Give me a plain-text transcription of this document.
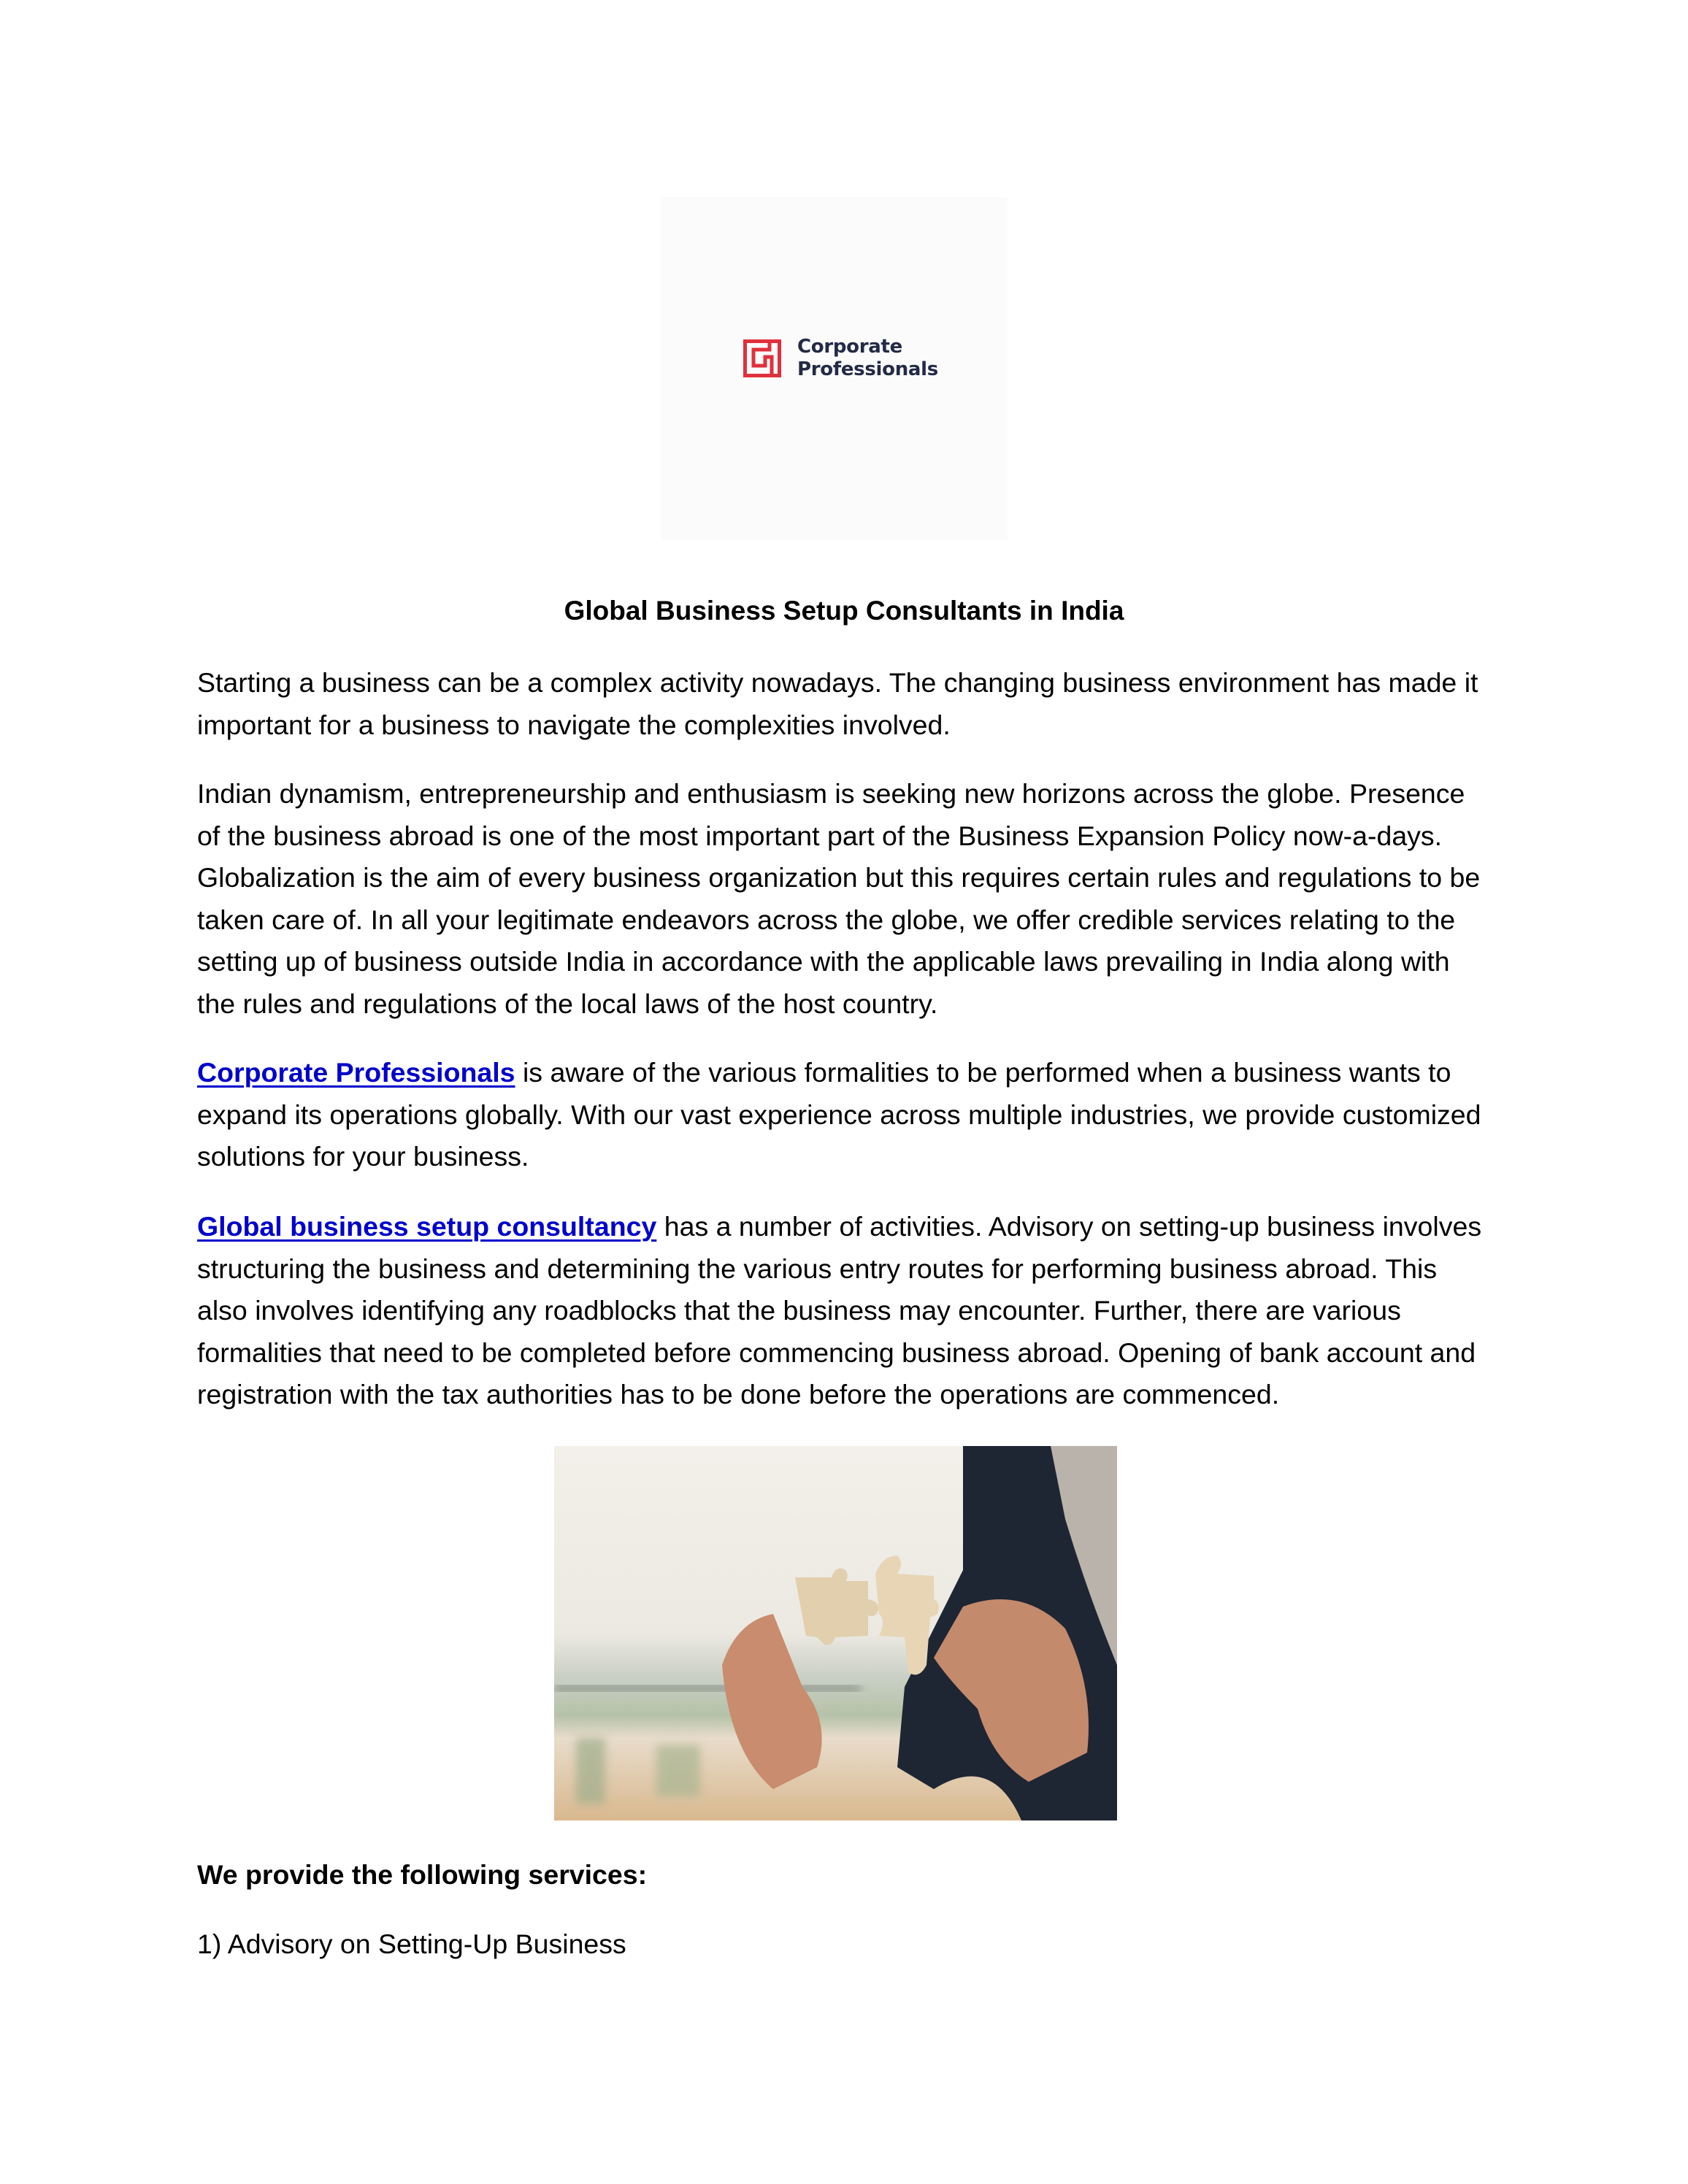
Corporate
Professionals
Global Business Setup Consultants in India

Starting a business can be a complex activity nowadays. The changing business environment has made it important for a business to navigate the complexities involved.

Indian dynamism, entrepreneurship and enthusiasm is seeking new horizons across the globe. Presence of the business abroad is one of the most important part of the Business Expansion Policy now-a-days. Globalization is the aim of every business organization but this requires certain rules and regulations to be taken care of. In all your legitimate endeavors across the globe, we offer credible services relating to the setting up of business outside India in accordance with the applicable laws prevailing in India along with the rules and regulations of the local laws of the host country.

Corporate Professionals is aware of the various formalities to be performed when a business wants to expand its operations globally. With our vast experience across multiple industries, we provide customized solutions for your business.

Global business setup consultancy has a number of activities. Advisory on setting-up business involves structuring the business and determining the various entry routes for performing business abroad. This also involves identifying any roadblocks that the business may encounter. Further, there are various formalities that need to be completed before commencing business abroad. Opening of bank account and registration with the tax authorities has to be done before the operations are commenced.

We provide the following services:
1) Advisory on Setting-Up Business
